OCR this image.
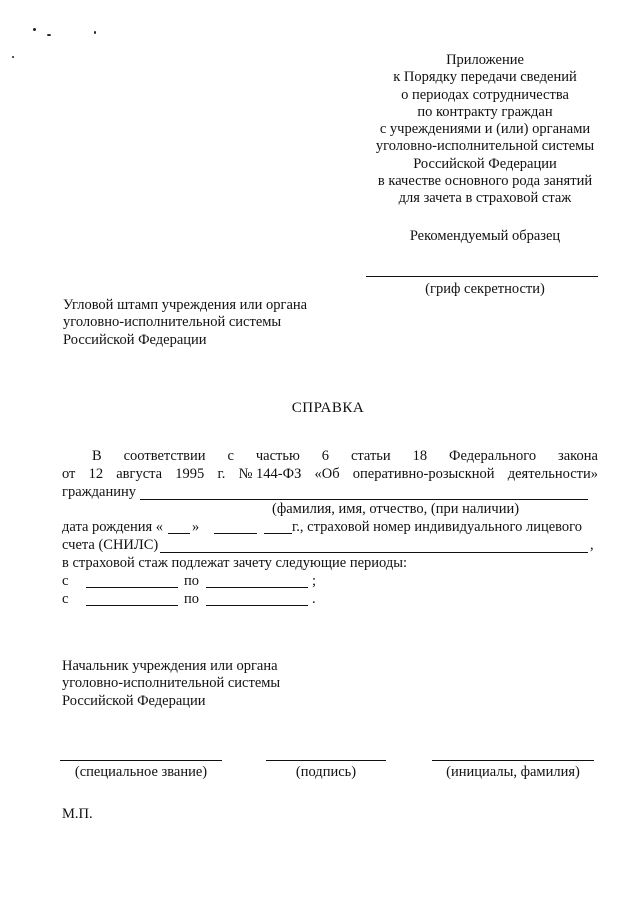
Приложение
к Порядку передачи сведений
о периодах сотрудничества
по контракту граждан
с учреждениями и (или) органами
уголовно-исполнительной системы
Российской Федерации
в качестве основного рода занятий
для зачета в страховой стаж
Рекомендуемый образец
(гриф секретности)
Угловой штамп учреждения или органа
уголовно-исполнительной системы
Российской Федерации
СПРАВКА
В соответствии с частью 6 статьи 18 Федерального закона
от 12 августа 1995 г. № 144-ФЗ «Об оперативно-розыскной деятельности»
гражданину
(фамилия, имя, отчество, (при наличии)
дата рождения « »	г., страховой номер индивидуального лицевого
счета (СНИЛС)	,
в страховой стаж подлежат зачету следующие периоды:
с	по	;
с	по	.
Начальник учреждения или органа
уголовно-исполнительной системы
Российской Федерации
(специальное звание)	(подпись)	(инициалы, фамилия)
М.П.
